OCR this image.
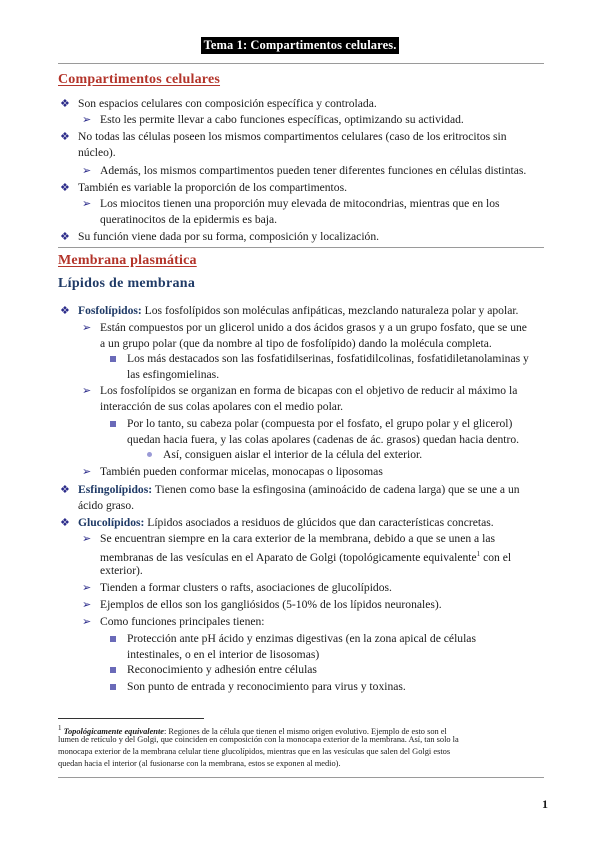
Tema 1: Compartimentos celulares.
Compartimentos celulares
❖ Son espacios celulares con composición específica y controlada.
➢ Esto les permite llevar a cabo funciones específicas, optimizando su actividad.
❖ No todas las células poseen los mismos compartimentos celulares (caso de los eritrocitos sin
núcleo).
➢ Además, los mismos compartimentos pueden tener diferentes funciones en células distintas.
❖ También es variable la proporción de los compartimentos.
➢ Los miocitos tienen una proporción muy elevada de mitocondrias, mientras que en los
queratinocitos de la epidermis es baja.
❖ Su función viene dada por su forma, composición y localización.
Membrana plasmática
Lípidos de membrana
❖ Fosfolípidos: Los fosfolípidos son moléculas anfipáticas, mezclando naturaleza polar y apolar.
➢ Están compuestos por un glicerol unido a dos ácidos grasos y a un grupo fosfato, que se une
a un grupo polar (que da nombre al tipo de fosfolípido) dando la molécula completa.
Los más destacados son las fosfatidilserinas, fosfatidilcolinas, fosfatidiletanolaminas y
las esfingomielinas.
➢ Los fosfolípidos se organizan en forma de bicapas con el objetivo de reducir al máximo la
interacción de sus colas apolares con el medio polar.
Por lo tanto, su cabeza polar (compuesta por el fosfato, el grupo polar y el glicerol)
quedan hacia fuera, y las colas apolares (cadenas de ác. grasos) quedan hacia dentro.
Así, consiguen aislar el interior de la célula del exterior.
➢ También pueden conformar micelas, monocapas o liposomas
❖ Esfingolípidos: Tienen como base la esfingosina (aminoácido de cadena larga) que se une a un
ácido graso.
❖ Glucolípidos: Lípidos asociados a residuos de glúcidos que dan características concretas.
➢ Se encuentran siempre en la cara exterior de la membrana, debido a que se unen a las
membranas de las vesículas en el Aparato de Golgi (topológicamente equivalente$^1$ con el
exterior).
➢ Tienden a formar clusters o rafts, asociaciones de glucolípidos.
➢ Ejemplos de ellos son los gangliósidos (5-10% de los lípidos neuronales).
➢ Como funciones principales tienen:
Protección ante pH ácido y enzimas digestivas (en la zona apical de células
intestinales, o en el interior de lisosomas)
Reconocimiento y adhesión entre células
Son punto de entrada y reconocimiento para virus y toxinas.
$^1$ Topológicamente equivalente: Regiones de la célula que tienen el mismo origen evolutivo. Ejemplo de esto son el
lumen de retículo y del Golgi, que coinciden en composición con la monocapa exterior de la membrana. Así, tan solo la
monocapa exterior de la membrana celular tiene glucolípidos, mientras que en las vesículas que salen del Golgi estos
quedan hacia el interior (al fusionarse con la membrana, estos se exponen al medio).
1
